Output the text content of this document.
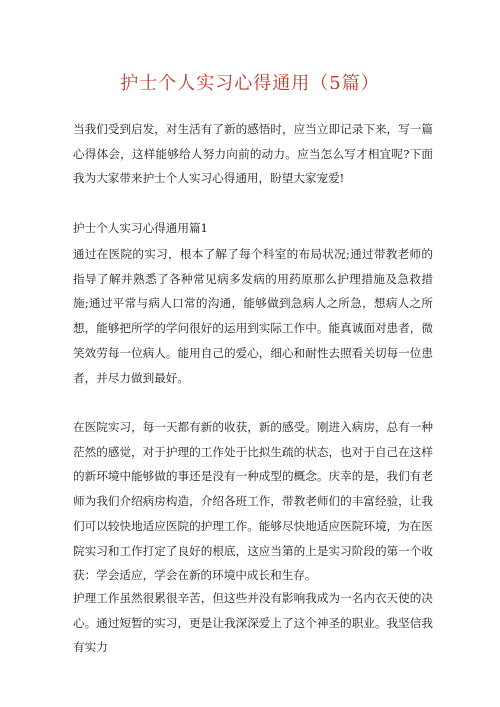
护士个人实习心得通用（5篇）
当我们受到启发，对生活有了新的感悟时，应当立即记录下来，写一篇心得体会，这样能够给人努力向前的动力。应当怎么写才相宜呢?下面我为大家带来护士个人实习心得通用，盼望大家宠爱!
护士个人实习心得通用篇1
通过在医院的实习，根本了解了每个科室的布局状况;通过带教老师的指导了解并熟悉了各种常见病多发病的用药原那么护理措施及急救措施;通过平常与病人口常的沟通，能够做到急病人之所急，想病人之所想，能够把所学的学问很好的运用到实际工作中。能真诚面对患者，微笑效劳每一位病人。能用自己的爱心，细心和耐性去照看关切每一位患者，并尽力做到最好。
在医院实习，每一天都有新的收获，新的感受。刚进入病房，总有一种茫然的感觉，对于护理的工作处于比拟生疏的状态，也对于自己在这样的新环境中能够做的事还是没有一种成型的概念。庆幸的是，我们有老师为我们介绍病房构造，介绍各班工作，带教老师们的丰富经验，让我们可以较快地适应医院的护理工作。能够尽快地适应医院环境，为在医院实习和工作打定了良好的根底，这应当第的上是实习阶段的第一个收获：学会适应，学会在新的环境中成长和生存。
护理工作虽然很累很辛苦，但这些并没有影响我成为一名内衣天使的决心。通过短暂的实习，更是让我深深爱上了这个神圣的职业。我坚信我有实力
